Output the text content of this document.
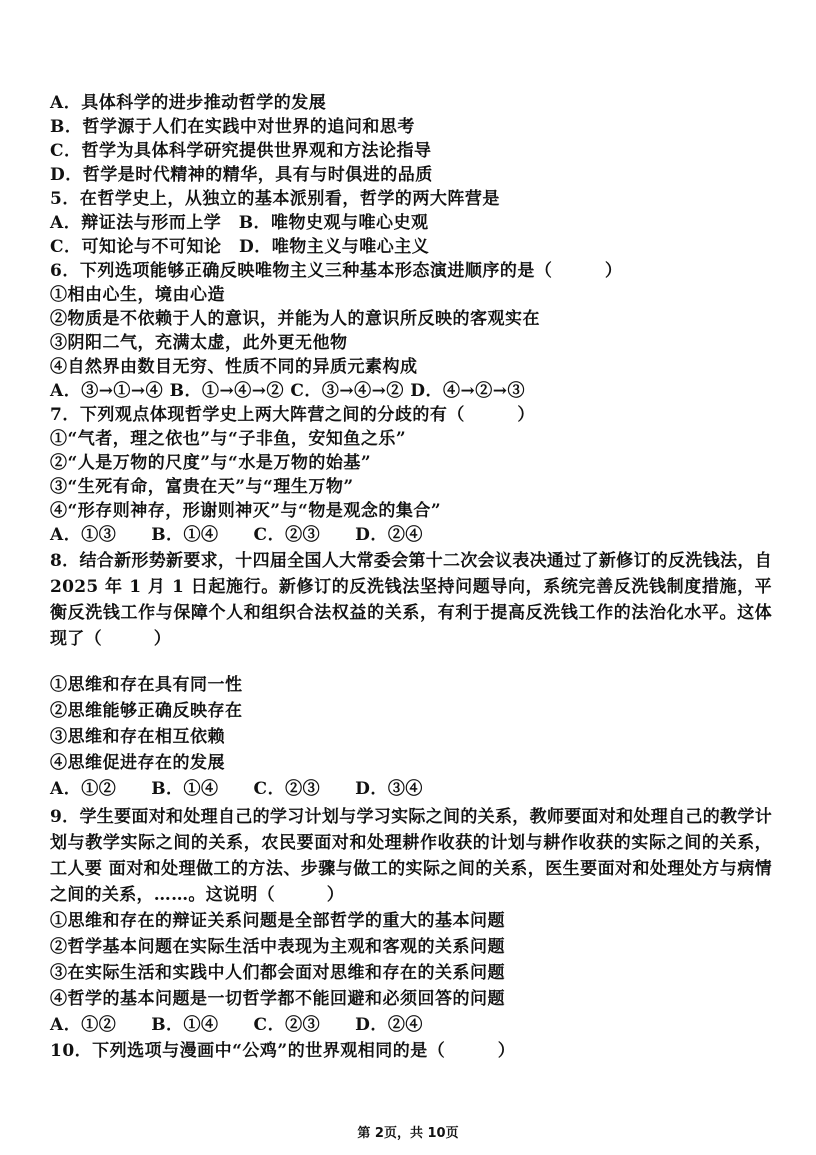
A．具体科学的进步推动哲学的发展
B．哲学源于人们在实践中对世界的追问和思考
C．哲学为具体科学研究提供世界观和方法论指导
D．哲学是时代精神的精华，具有与时俱进的品质
5．在哲学史上，从独立的基本派别看，哲学的两大阵营是
A．辩证法与形而上学　B．唯物史观与唯心史观
C．可知论与不可知论　D．唯物主义与唯心主义
6．下列选项能够正确反映唯物主义三种基本形态演进顺序的是（　　　）
①相由心生，境由心造
②物质是不依赖于人的意识，并能为人的意识所反映的客观实在
③阴阳二气，充满太虚，此外更无他物
④自然界由数目无穷、性质不同的异质元素构成
A．③→①→④ B．①→④→② C．③→④→② D．④→②→③
7．下列观点体现哲学史上两大阵营之间的分歧的有（　　　）
①“气者，理之依也”与“子非鱼，安知鱼之乐”
②“人是万物的尺度”与“水是万物的始基”
③“生死有命，富贵在天”与“理生万物”
④“形存则神存，形谢则神灭”与“物是观念的集合”
A．①③　　B．①④　　C．②③　　D．②④
8．结合新形势新要求，十四届全国人大常委会第十二次会议表决通过了新修订的反洗钱法，自 2025 年 1 月 1 日起施行。新修订的反洗钱法坚持问题导向，系统完善反洗钱制度措施，平衡反洗钱工作与保障个人和组织合法权益的关系，有利于提高反洗钱工作的法治化水平。这体现了（　　　）
①思维和存在具有同一性
②思维能够正确反映存在
③思维和存在相互依赖
④思维促进存在的发展
A．①②　　B．①④　　C．②③　　D．③④
9．学生要面对和处理自己的学习计划与学习实际之间的关系，教师要面对和处理自己的教学计划与教学实际之间的关系，农民要面对和处理耕作收获的计划与耕作收获的实际之间的关系，工人要 面对和处理做工的方法、步骤与做工的实际之间的关系，医生要面对和处理处方与病情之间的关系，……。这说明（　　　）
①思维和存在的辩证关系问题是全部哲学的重大的基本问题
②哲学基本问题在实际生活中表现为主观和客观的关系问题
③在实际生活和实践中人们都会面对思维和存在的关系问题
④哲学的基本问题是一切哲学都不能回避和必须回答的问题
A．①②　　B．①④　　C．②③　　D．②④
10．下列选项与漫画中“公鸡”的世界观相同的是（　　　）
第 2页，共 10页
